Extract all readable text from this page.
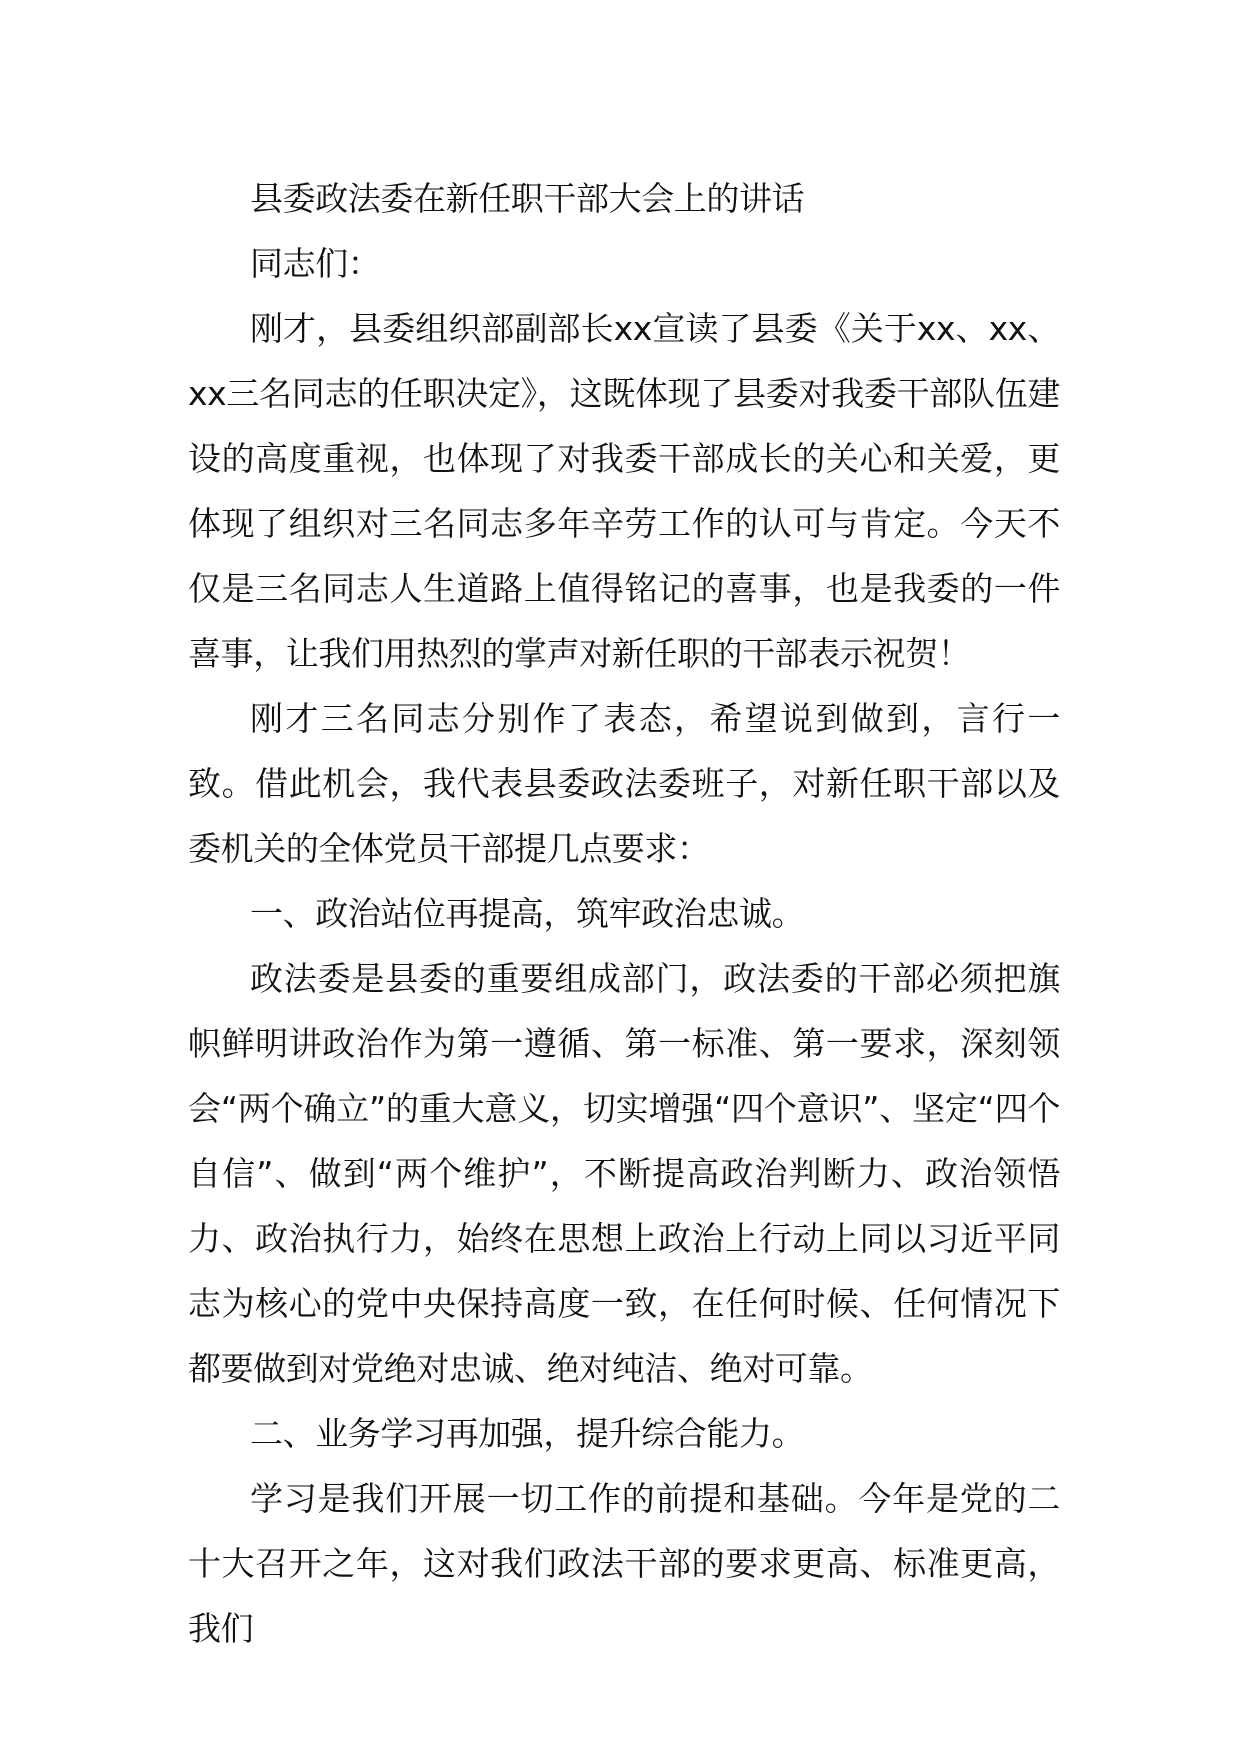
县委政法委在新任职干部大会上的讲话

同志们：

刚才，县委组织部副部长xx宣读了县委《关于xx、xx、xx三名同志的任职决定》，这既体现了县委对我委干部队伍建设的高度重视，也体现了对我委干部成长的关心和关爱，更体现了组织对三名同志多年辛劳工作的认可与肯定。今天不仅是三名同志人生道路上值得铭记的喜事，也是我委的一件喜事，让我们用热烈的掌声对新任职的干部表示祝贺！

刚才三名同志分别作了表态，希望说到做到，言行一致。借此机会，我代表县委政法委班子，对新任职干部以及委机关的全体党员干部提几点要求：

一、政治站位再提高，筑牢政治忠诚。

政法委是县委的重要组成部门，政法委的干部必须把旗帜鲜明讲政治作为第一遵循、第一标准、第一要求，深刻领会“两个确立”的重大意义，切实增强“四个意识”、坚定“四个自信”、做到“两个维护”，不断提高政治判断力、政治领悟力、政治执行力，始终在思想上政治上行动上同以习近平同志为核心的党中央保持高度一致，在任何时候、任何情况下都要做到对党绝对忠诚、绝对纯洁、绝对可靠。

二、业务学习再加强，提升综合能力。

学习是我们开展一切工作的前提和基础。今年是党的二十大召开之年，这对我们政法干部的要求更高、标准更高，我们
